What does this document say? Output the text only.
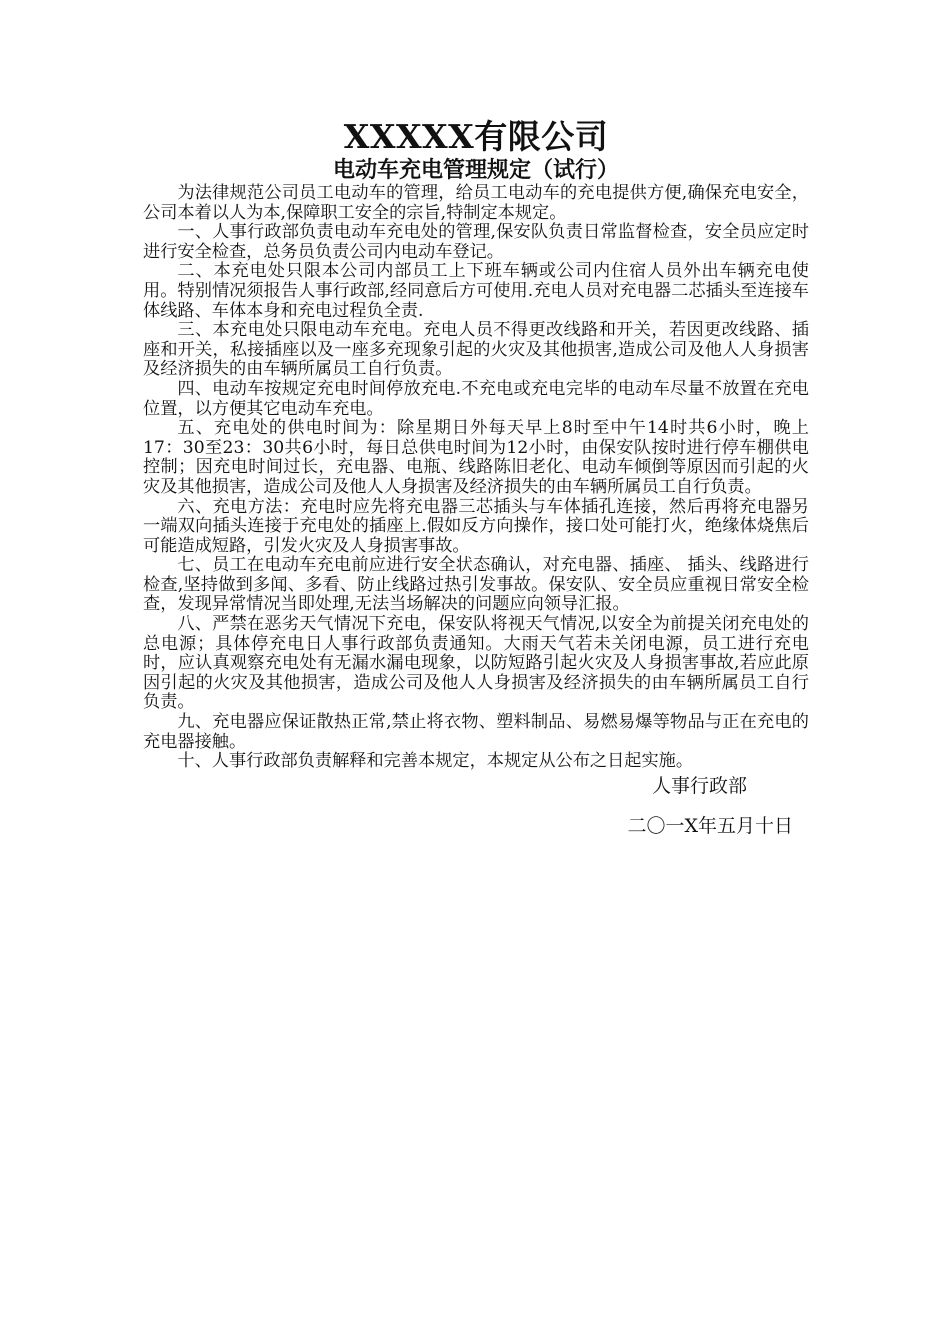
XXXXX有限公司
电动车充电管理规定（试行）

为法律规范公司员工电动车的管理，给员工电动车的充电提供方便,确保充电安全，公司本着以人为本,保障职工安全的宗旨,特制定本规定。

一、人事行政部负责电动车充电处的管理,保安队负责日常监督检查，安全员应定时进行安全检查，总务员负责公司内电动车登记。

二、本充电处只限本公司内部员工上下班车辆或公司内住宿人员外出车辆充电使用。特别情况须报告人事行政部,经同意后方可使用.充电人员对充电器二芯插头至连接车体线路、车体本身和充电过程负全责.

三、本充电处只限电动车充电。充电人员不得更改线路和开关，若因更改线路、插座和开关，私接插座以及一座多充现象引起的火灾及其他损害,造成公司及他人人身损害及经济损失的由车辆所属员工自行负责。

四、电动车按规定充电时间停放充电.不充电或充电完毕的电动车尽量不放置在充电位置，以方便其它电动车充电。

五、充电处的供电时间为：除星期日外每天早上8时至中午14时共6小时，晚上17：30至23：30共6小时，每日总供电时间为12小时，由保安队按时进行停车棚供电控制；因充电时间过长，充电器、电瓶、线路陈旧老化、电动车倾倒等原因而引起的火灾及其他损害，造成公司及他人人身损害及经济损失的由车辆所属员工自行负责。

六、充电方法：充电时应先将充电器三芯插头与车体插孔连接，然后再将充电器另一端双向插头连接于充电处的插座上.假如反方向操作，接口处可能打火，绝缘体烧焦后可能造成短路，引发火灾及人身损害事故。

七、员工在电动车充电前应进行安全状态确认，对充电器、插座、 插头、线路进行检查,坚持做到多闻、多看、防止线路过热引发事故。保安队、安全员应重视日常安全检查，发现异常情况当即处理,无法当场解决的问题应向领导汇报。

八、严禁在恶劣天气情况下充电，保安队将视天气情况,以安全为前提关闭充电处的总电源；具体停充电日人事行政部负责通知。大雨天气若未关闭电源，员工进行充电时，应认真观察充电处有无漏水漏电现象，以防短路引起火灾及人身损害事故,若应此原因引起的火灾及其他损害，造成公司及他人人身损害及经济损失的由车辆所属员工自行负责。

九、充电器应保证散热正常,禁止将衣物、塑料制品、易燃易爆等物品与正在充电的充电器接触。

十、人事行政部负责解释和完善本规定，本规定从公布之日起实施。

人事行政部

二〇一X年五月十日
